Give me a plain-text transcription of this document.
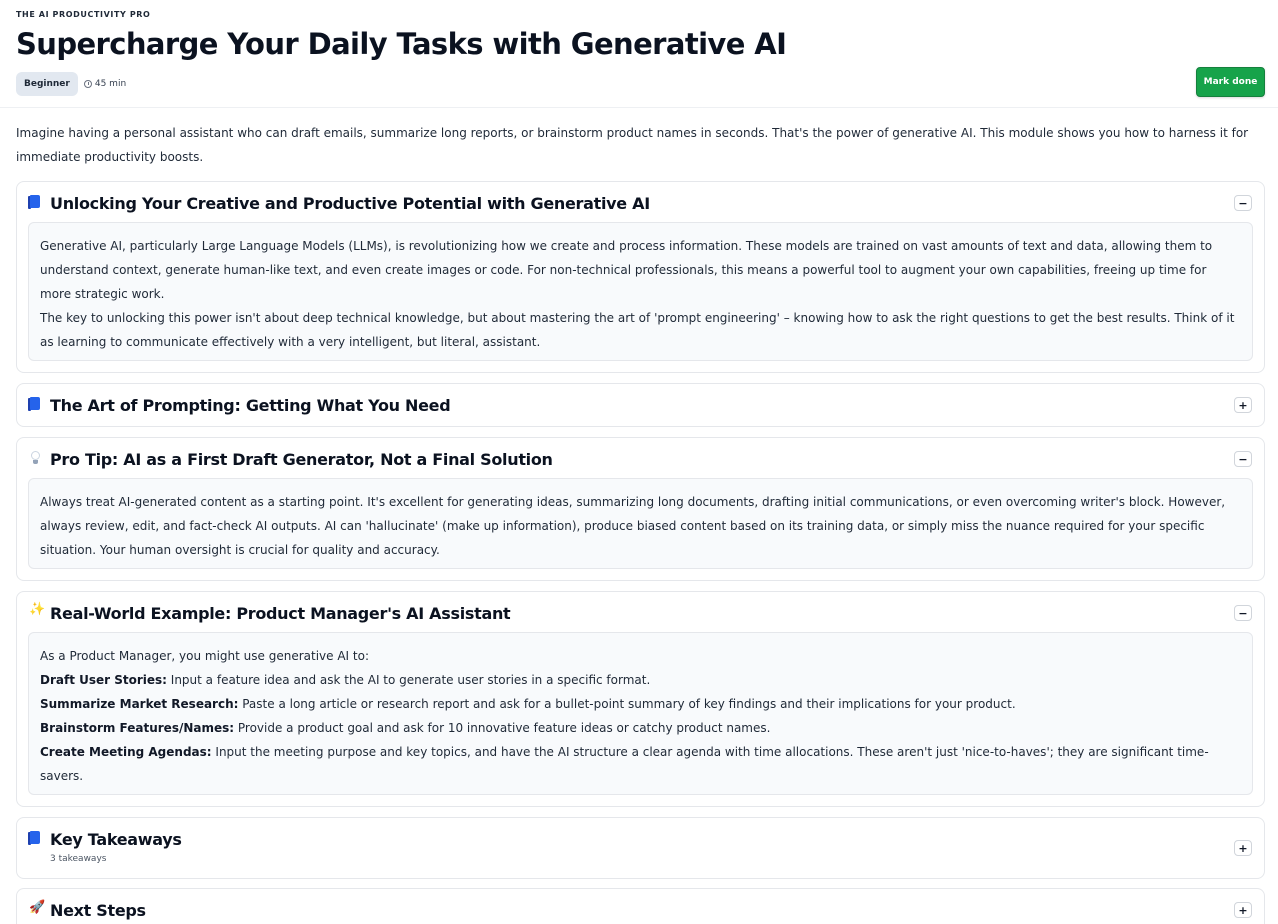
THE AI PRODUCTIVITY PRO
Supercharge Your Daily Tasks with Generative AI
Beginner	45 min	Mark done
Imagine having a personal assistant who can draft emails, summarize long reports, or brainstorm product names in seconds. That's the power of generative AI. This module shows you how to harness it for immediate productivity boosts.
Unlocking Your Creative and Productive Potential with Generative AI	−

Generative AI, particularly Large Language Models (LLMs), is revolutionizing how we create and process information. These models are trained on vast amounts of text and data, allowing them to understand context, generate human-like text, and even create images or code. For non-technical professionals, this means a powerful tool to augment your own capabilities, freeing up time for more strategic work.

The key to unlocking this power isn't about deep technical knowledge, but about mastering the art of 'prompt engineering' – knowing how to ask the right questions to get the best results. Think of it as learning to communicate effectively with a very intelligent, but literal, assistant.

The Art of Prompting: Getting What You Need	+
Pro Tip: AI as a First Draft Generator, Not a Final Solution	−

Always treat AI-generated content as a starting point. It's excellent for generating ideas, summarizing long documents, drafting initial communications, or even overcoming writer's block. However, always review, edit, and fact-check AI outputs. AI can 'hallucinate' (make up information), produce biased content based on its training data, or simply miss the nuance required for your specific situation. Your human oversight is crucial for quality and accuracy.

✨ Real-World Example: Product Manager's AI Assistant	−

As a Product Manager, you might use generative AI to:

Draft User Stories: Input a feature idea and ask the AI to generate user stories in a specific format.

Summarize Market Research: Paste a long article or research report and ask for a bullet-point summary of key findings and their implications for your product.

Brainstorm Features/Names: Provide a product goal and ask for 10 innovative feature ideas or catchy product names.

Create Meeting Agendas: Input the meeting purpose and key topics, and have the AI structure a clear agenda with time allocations. These aren't just 'nice-to-haves'; they are significant time-savers.

Key Takeaways
3 takeaways
+
🚀 Next Steps	+
